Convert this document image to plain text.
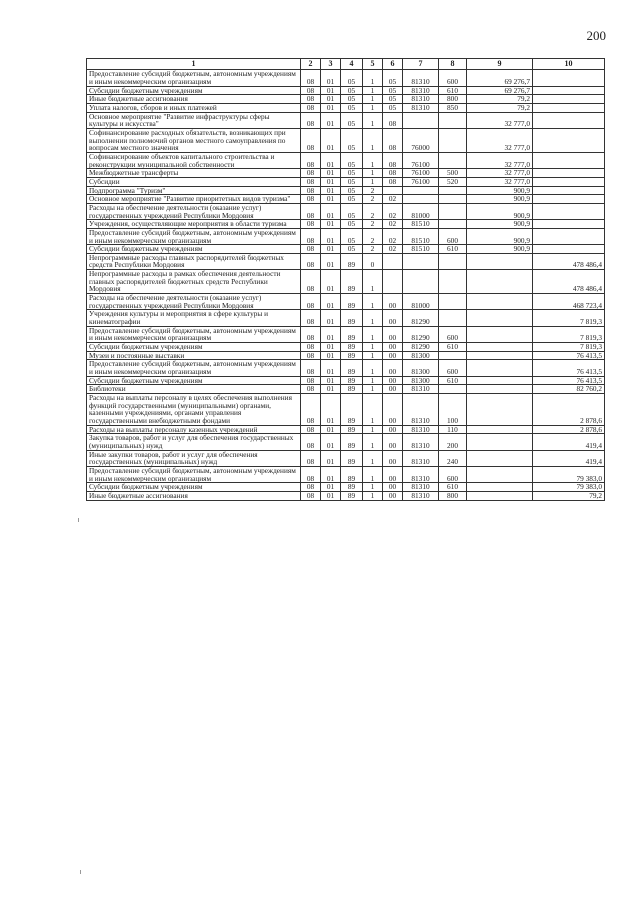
200
1	2	3	4	5	6	7	8	9	10
Предоставление субсидий бюджетным, автономным учреждениям и иным некоммерческим организациям	08	01	05	1	05	81310	600	69 276,7	
Субсидии бюджетным учреждениям	08	01	05	1	05	81310	610	69 276,7	
Иные бюджетные ассигнования	08	01	05	1	05	81310	800	79,2	
Уплата налогов, сборов и иных платежей	08	01	05	1	05	81310	850	79,2	
Основное мероприятие "Развитие инфраструктуры сферы культуры и искусства"	08	01	05	1	08			32 777,0	
Софинансирование расходных обязательств, возникающих при выполнении полномочий органов местного самоуправления по вопросам местного значения	08	01	05	1	08	76000		32 777,0	
Софинансирование объектов капитального строительства и реконструкции муниципальной собственности	08	01	05	1	08	76100		32 777,0	
Межбюджетные трансферты	08	01	05	1	08	76100	500	32 777,0	
Субсидии	08	01	05	1	08	76100	520	32 777,0	
Подпрограмма "Туризм"	08	01	05	2				900,9	
Основное мероприятие "Развитие приоритетных видов туризма"	08	01	05	2	02			900,9	
Расходы на обеспечение деятельности (оказание услуг) государственных учреждений Республики Мордовия	08	01	05	2	02	81000		900,9	
Учреждения, осуществляющие мероприятия в области туризма	08	01	05	2	02	81510		900,9	
Предоставление субсидий бюджетным, автономным учреждениям и иным некоммерческим организациям	08	01	05	2	02	81510	600	900,9	
Субсидии бюджетным учреждениям	08	01	05	2	02	81510	610	900,9	
Непрограммные расходы главных распорядителей бюджетных средств Республики Мордовия	08	01	89	0					478 486,4
Непрограммные расходы в рамках обеспечения деятельности главных распорядителей бюджетных средств Республики Мордовия	08	01	89	1					478 486,4
Расходы на обеспечение деятельности (оказание услуг) государственных учреждений Республики Мордовия	08	01	89	1	00	81000			468 723,4
Учреждения культуры и мероприятия в сфере культуры и кинематографии	08	01	89	1	00	81290			7 819,3
Предоставление субсидий бюджетным, автономным учреждениям и иным некоммерческим организациям	08	01	89	1	00	81290	600		7 819,3
Субсидии бюджетным учреждениям	08	01	89	1	00	81290	610		7 819,3
Музеи и постоянные выставки	08	01	89	1	00	81300			76 413,5
Предоставление субсидий бюджетным, автономным учреждениям и иным некоммерческим организациям	08	01	89	1	00	81300	600		76 413,5
Субсидии бюджетным учреждениям	08	01	89	1	00	81300	610		76 413,5
Библиотеки	08	01	89	1	00	81310			82 760,2
Расходы на выплаты персоналу в целях обеспечения выполнения функций государственными (муниципальными) органами, казенными учреждениями, органами управления государственными внебюджетными фондами	08	01	89	1	00	81310	100		2 878,6
Расходы на выплаты персоналу казенных учреждений	08	01	89	1	00	81310	110		2 878,6
Закупка товаров, работ и услуг для обеспечения государственных (муниципальных) нужд	08	01	89	1	00	81310	200		419,4
Иные закупки товаров, работ и услуг для обеспечения государственных (муниципальных) нужд	08	01	89	1	00	81310	240		419,4
Предоставление субсидий бюджетным, автономным учреждениям и иным некоммерческим организациям	08	01	89	1	00	81310	600		79 383,0
Субсидии бюджетным учреждениям	08	01	89	1	00	81310	610		79 383,0
Иные бюджетные ассигнования	08	01	89	1	00	81310	800		79,2
